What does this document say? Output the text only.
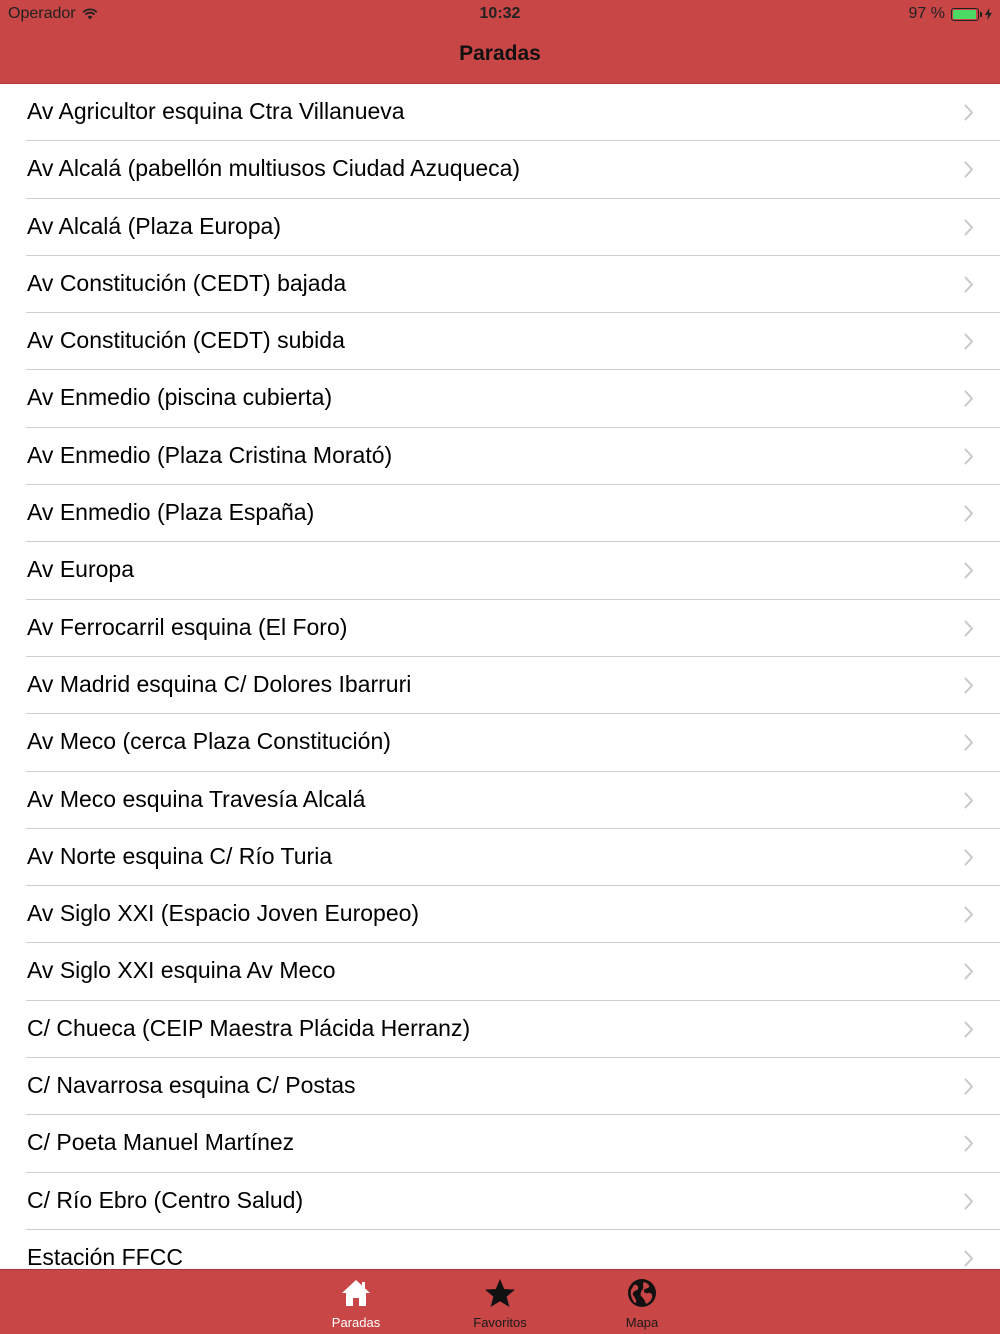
Operador	10:32	97 %
Paradas
Av Agricultor esquina Ctra Villanueva
Av Alcalá (pabellón multiusos Ciudad Azuqueca)
Av Alcalá (Plaza Europa)
Av Constitución (CEDT) bajada
Av Constitución (CEDT) subida
Av Enmedio (piscina cubierta)
Av Enmedio (Plaza Cristina Morató)
Av Enmedio (Plaza España)
Av Europa
Av Ferrocarril esquina (El Foro)
Av Madrid esquina C/ Dolores Ibarruri
Av Meco (cerca Plaza Constitución)
Av Meco esquina Travesía Alcalá
Av Norte esquina C/ Río Turia
Av Siglo XXI (Espacio Joven Europeo)
Av Siglo XXI esquina Av Meco
C/ Chueca (CEIP Maestra Plácida Herranz)
C/ Navarrosa esquina C/ Postas
C/ Poeta Manuel Martínez
C/ Río Ebro (Centro Salud)
Estación FFCC
Paradas	Favoritos	Mapa
